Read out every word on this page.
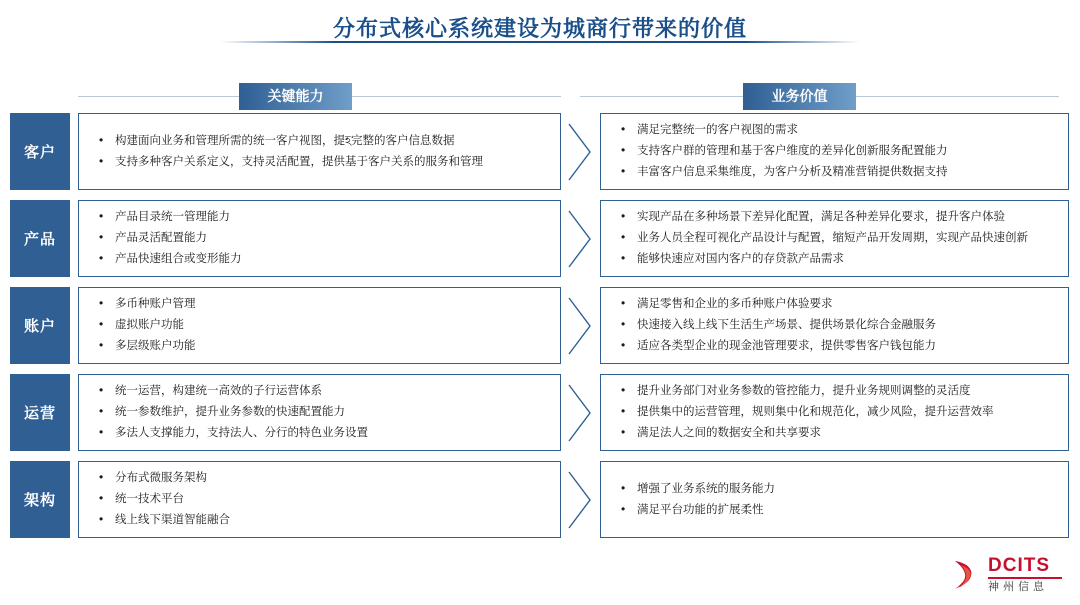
分布式核心系统建设为城商行带来的价值
关键能力	业务价值
客户
• 构建面向业务和管理所需的统一客户视图，提হ完整的客户信息数据
• 支持多种客户关系定义，支持灵活配置，提供基于客户关系的服务和管理
• 满足完整统一的客户视图的需求
• 支持客户群的管理和基于客户维度的差异化创新服务配置能力
• 丰富客户信息采集维度，为客户分析及精准营销提供数据支持
产品
• 产品目录统一管理能力
• 产品灵活配置能力
• 产品快速组合或变形能力
• 实现产品在多种场景下差异化配置，满足各种差异化要求，提升客户体验
• 业务人员全程可视化产品设计与配置，缩短产品开发周期，实现产品快速创新
• 能够快速应对国内客户的存贷款产品需求
账户
• 多币种账户管理
• 虚拟账户功能
• 多层级账户功能
• 满足零售和企业的多币种账户体验要求
• 快速接入线上线下生活生产场景、提供场景化综合金融服务
• 适应各类型企业的现金池管理要求，提供零售客户钱包能力
运营
• 统一运营，构建统一高效的子行运营体系
• 统一参数维护，提升业务参数的快速配置能力
• 多法人支撑能力，支持法人、分行的特色业务设置
• 提升业务部门对业务参数的管控能力，提升业务规则调整的灵活度
• 提供集中的运营管理，规则集中化和规范化，减少风险，提升运营效率
• 满足法人之间的数据安全和共享要求
架构
• 分布式微服务架构
• 统一技术平台
• 线上线下渠道智能融合
• 增强了业务系统的服务能力
• 满足平台功能的扩展柔性
DCITS
神州信息
